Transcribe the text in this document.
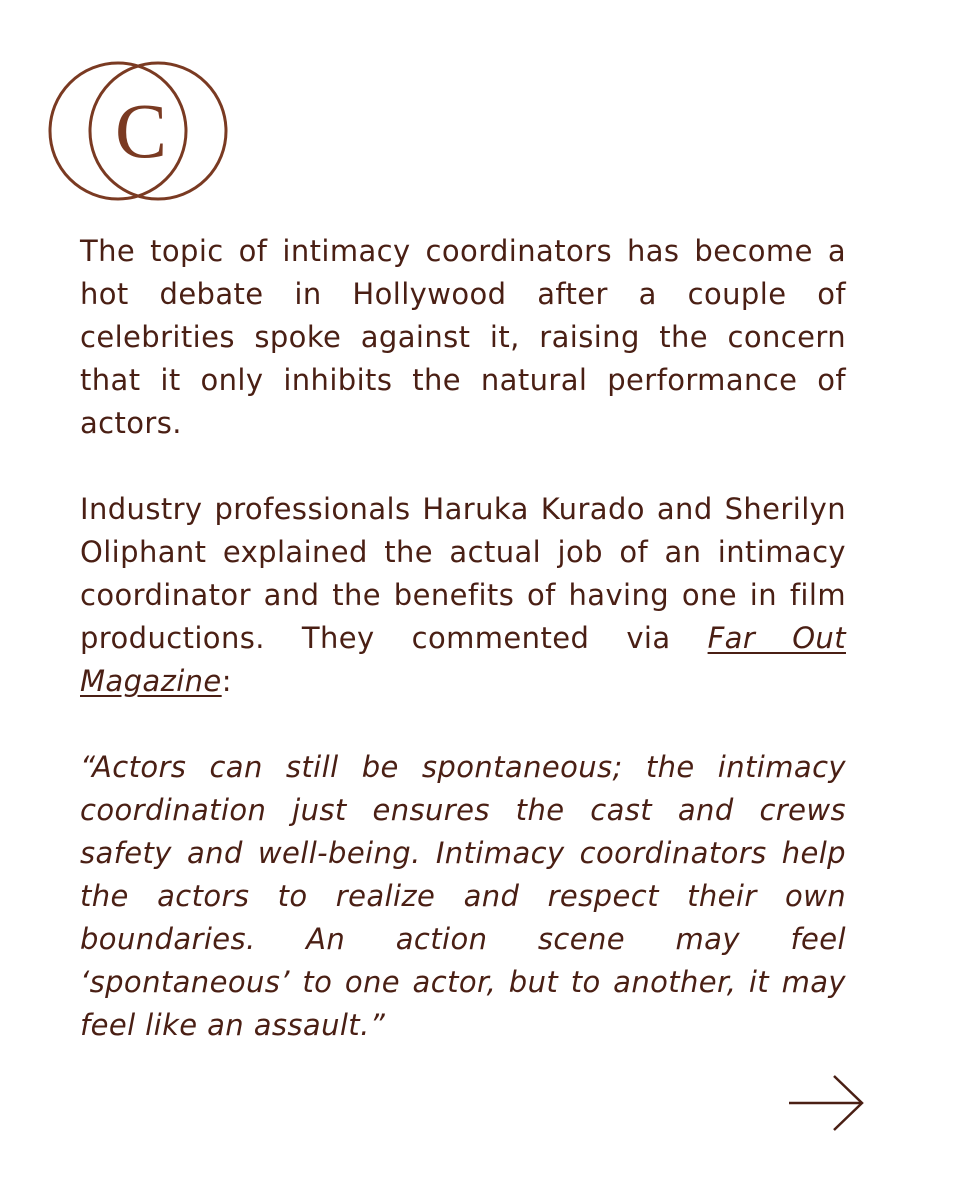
C

The topic of intimacy coordinators has become a hot debate in Hollywood after a couple of celebrities spoke against it, raising the concern that it only inhibits the natural performance of actors.

Industry professionals Haruka Kurado and Sherilyn Oliphant explained the actual job of an intimacy coordinator and the benefits of having one in film productions. They commented via Far Out Magazine:

“Actors can still be spontaneous; the intimacy coordination just ensures the cast and crews safety and well-being. Intimacy coordinators help the actors to realize and respect their own boundaries. An action scene may feel ‘spontaneous’ to one actor, but to another, it may feel like an assault.”
